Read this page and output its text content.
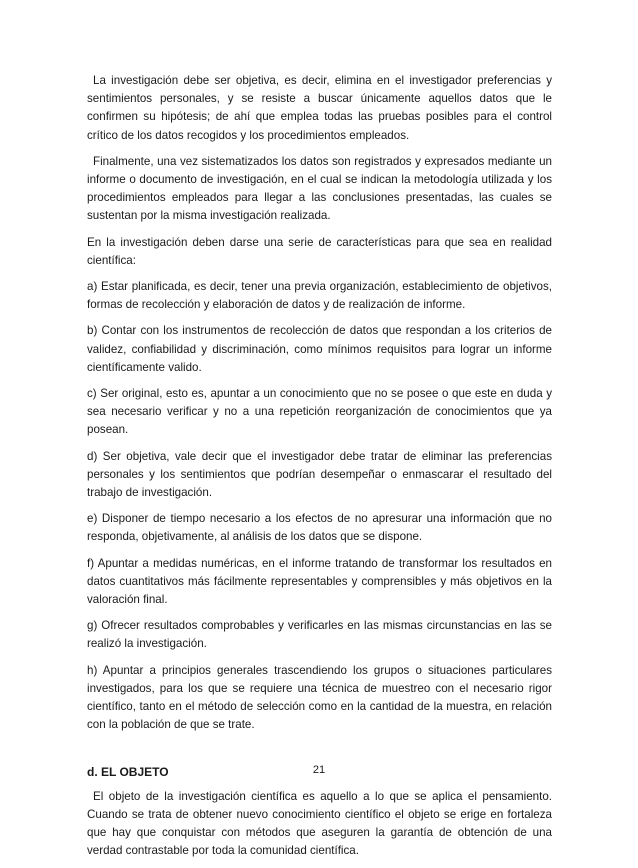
La investigación debe ser objetiva, es decir, elimina en el investigador preferencias y sentimientos personales, y se resiste a buscar únicamente aquellos datos que le confirmen su hipótesis; de ahí que emplea todas las pruebas posibles para el control crítico de los datos recogidos y los procedimientos empleados.

Finalmente, una vez sistematizados los datos son registrados y expresados mediante un informe o documento de investigación, en el cual se indican la metodología utilizada y los procedimientos empleados para llegar a las conclusiones presentadas, las cuales se sustentan por la misma investigación realizada.

En la investigación deben darse una serie de características para que sea en realidad científica:

a) Estar planificada, es decir, tener una previa organización, establecimiento de objetivos, formas de recolección y elaboración de datos y de realización de informe.

b) Contar con los instrumentos de recolección de datos que respondan a los criterios de validez, confiabilidad y discriminación, como mínimos requisitos para lograr un informe científicamente valido.

c) Ser original, esto es, apuntar a un conocimiento que no se posee o que este en duda y sea necesario verificar y no a una repetición reorganización de conocimientos que ya posean.

d) Ser objetiva, vale decir que el investigador debe tratar de eliminar las preferencias personales y los sentimientos que podrían desempeñar o enmascarar el resultado del trabajo de investigación.

e) Disponer de tiempo necesario a los efectos de no apresurar una información que no responda, objetivamente, al análisis de los datos que se dispone.

f) Apuntar a medidas numéricas, en el informe tratando de transformar los resultados en datos cuantitativos más fácilmente representables y comprensibles y más objetivos en la valoración final.

g) Ofrecer resultados comprobables y verificarles en las mismas circunstancias en las se realizó la investigación.

h) Apuntar a principios generales trascendiendo los grupos o situaciones particulares investigados, para los que se requiere una técnica de muestreo con el necesario rigor científico, tanto en el método de selección como en la cantidad de la muestra, en relación con la población de que se trate.

d. EL OBJETO

El objeto de la investigación científica es aquello a lo que se aplica el pensamiento. Cuando se trata de obtener nuevo conocimiento científico el objeto se erige en fortaleza que hay que conquistar con métodos que aseguren la garantía de obtención de una verdad contrastable por toda la comunidad científica.

21
